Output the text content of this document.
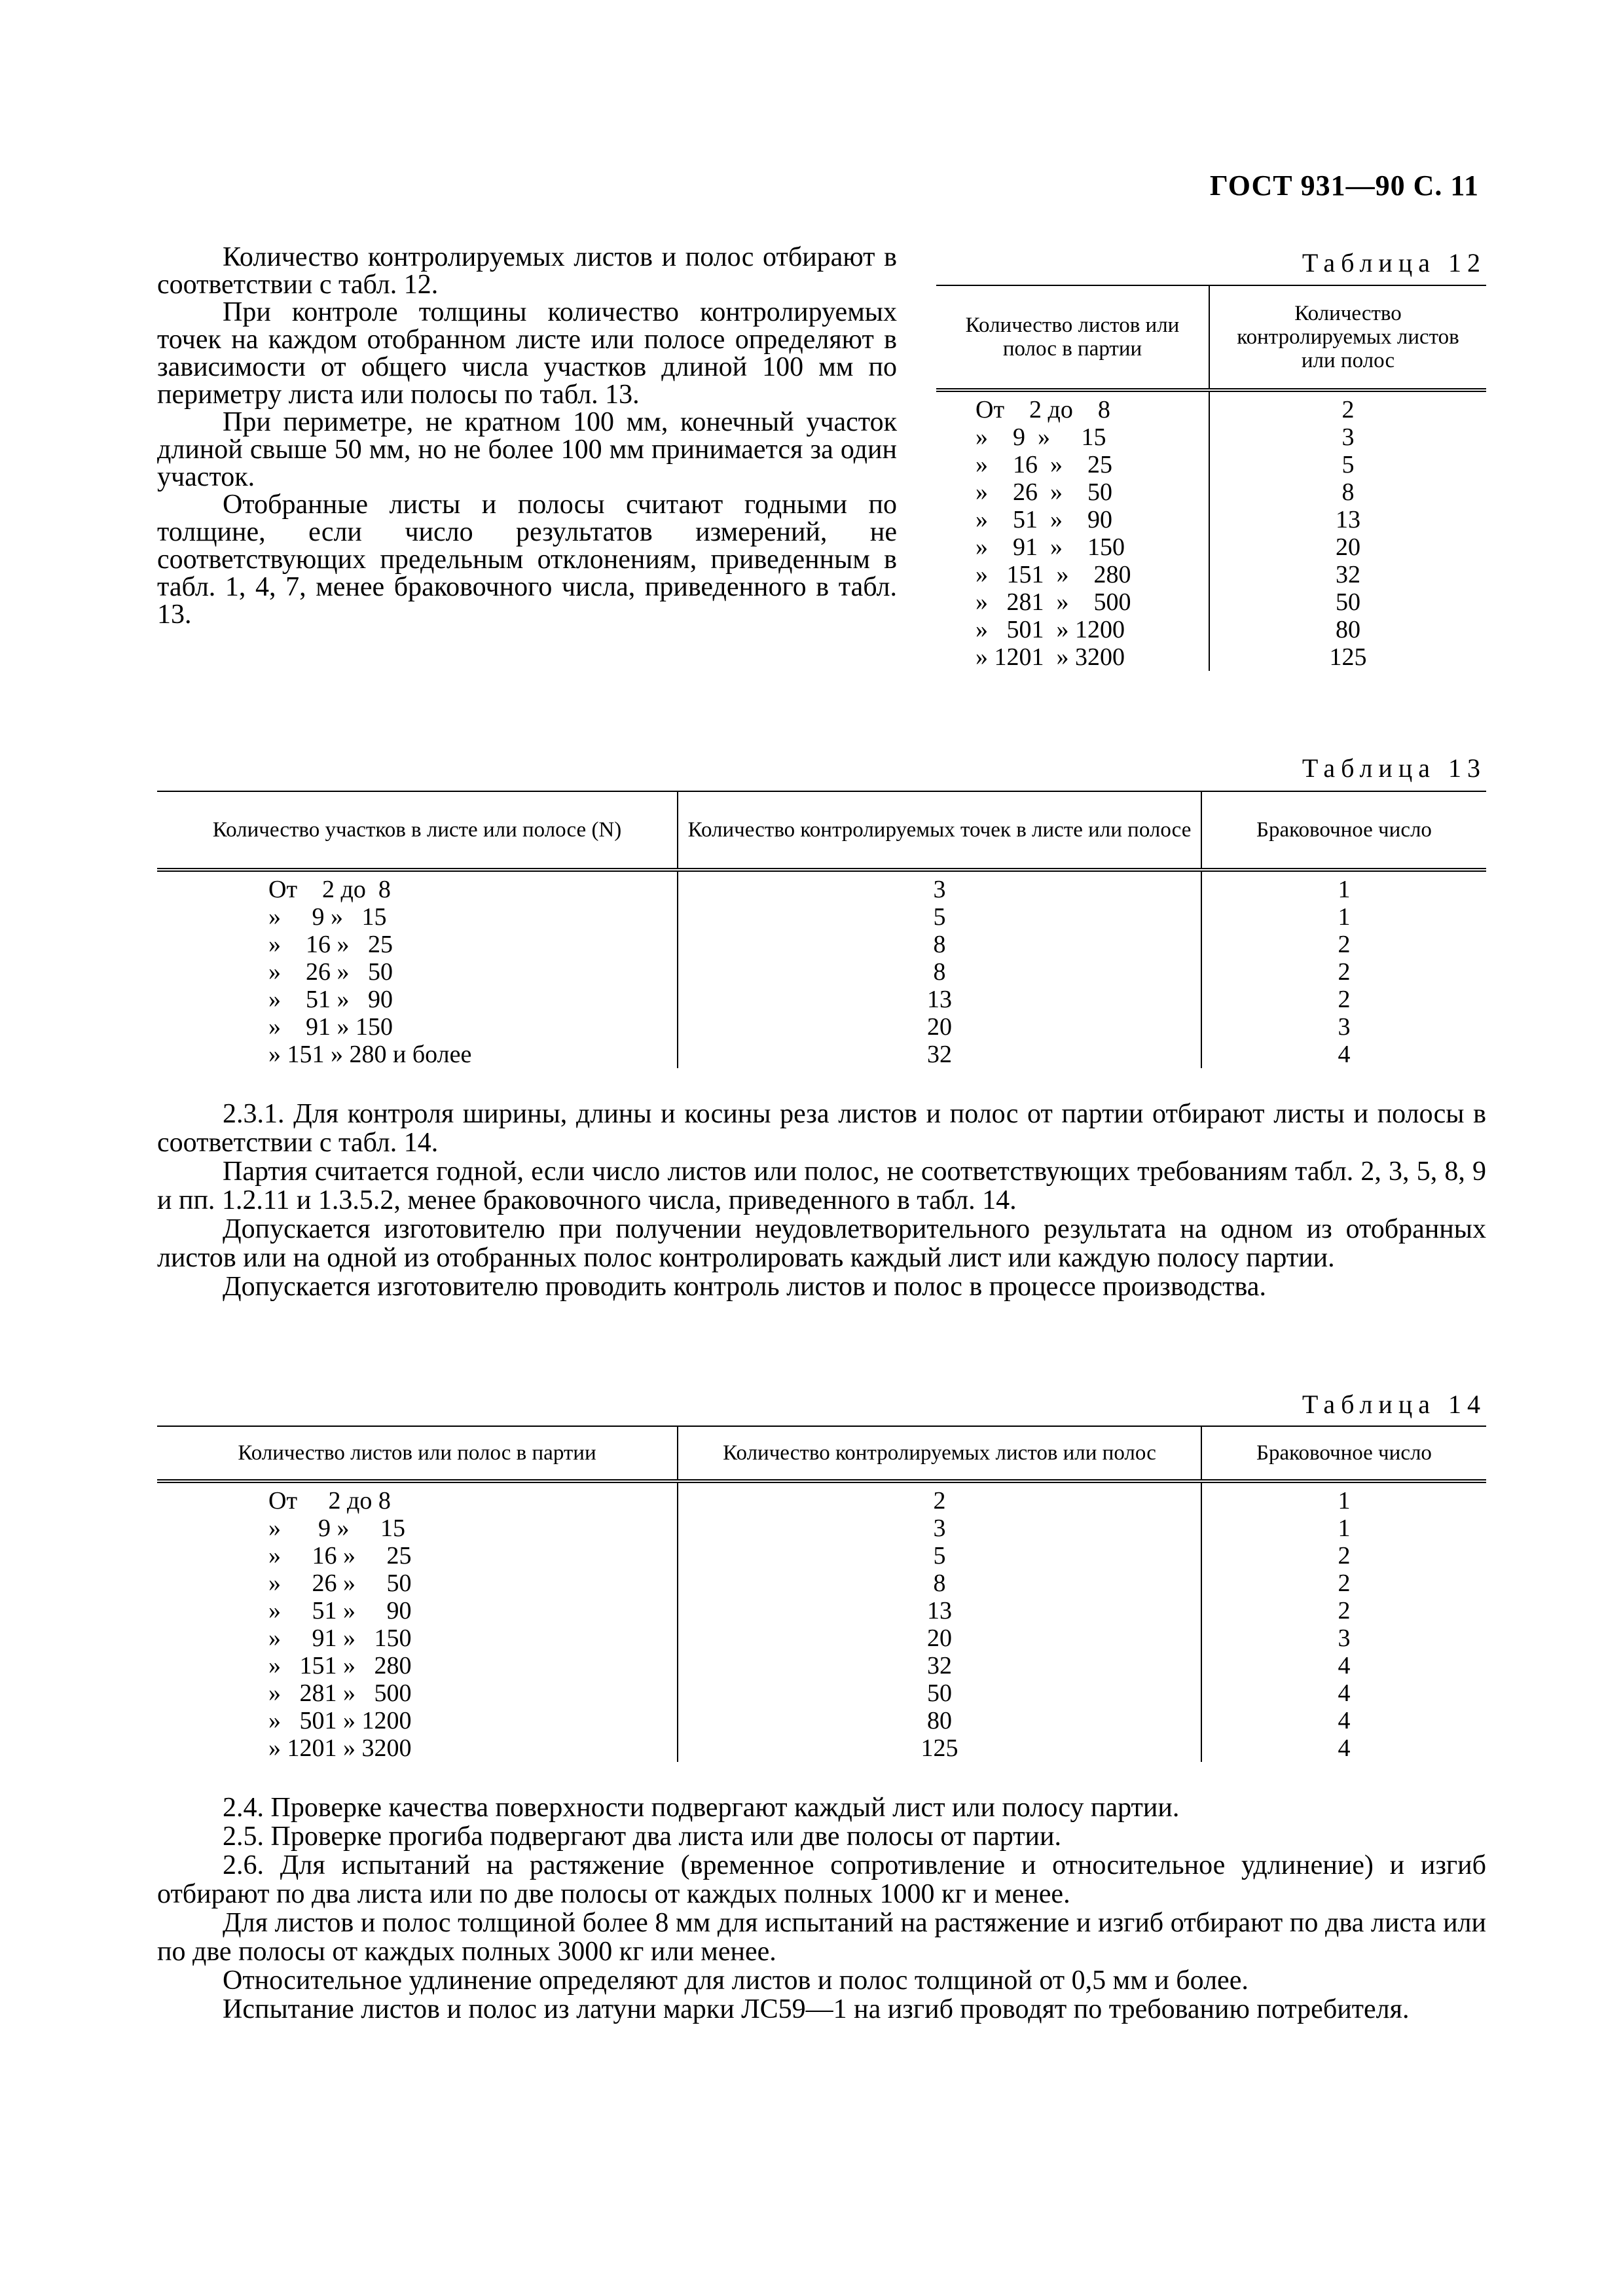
ГОСТ 931—90 С. 11

Количество контролируемых листов и полос отбирают в соответствии с табл. 12.

При контроле толщины количество контролируемых точек на каждом отобранном листе или полосе определяют в зависимости от общего числа участков длиной 100 мм по периметру листа или полосы по табл. 13.

При периметре, не кратном 100 мм, конечный участок длиной свыше 50 мм, но не более 100 мм принимается за один участок.

Отобранные листы и полосы считают годными по толщине, если число результатов измерений, не соответствующих предельным отклонениям, приведенным в табл. 1, 4, 7, менее браковочного числа, приведенного в табл. 13.

Таблица 12
Количество листов или полос в партии	Количество контролируемых листов или полос
От    2 до    8	2
»    9  »     15	3
»    16  »    25	5
»    26  »    50	8
»    51  »    90	13
»    91  »    150	20
»   151  »    280	32
»   281  »    500	50
»   501  » 1200	80
» 1201  » 3200	125
Таблица 13
Количество участков в листе или полосе (N)	Количество контролируемых точек в листе или полосе	Браковочное число
От    2 до  8	3	1
»     9 »   15	5	1
»    16 »   25	8	2
»    26 »   50	8	2
»    51 »   90	13	2
»    91 » 150	20	3
» 151 » 280 и более	32	4

2.3.1. Для контроля ширины, длины и косины реза листов и полос от партии отбирают листы и полосы в соответствии с табл. 14.

Партия считается годной, если число листов или полос, не соответствующих требованиям табл. 2, 3, 5, 8, 9 и пп. 1.2.11 и 1.3.5.2, менее браковочного числа, приведенного в табл. 14.

Допускается изготовителю при получении неудовлетворительного результата на одном из отобранных листов или на одной из отобранных полос контролировать каждый лист или каждую полосу партии.

Допускается изготовителю проводить контроль листов и полос в процессе производства.

Таблица 14
Количество листов или полос в партии	Количество контролируемых листов или полос	Браковочное число
От     2 до 8	2	1
»      9 »     15	3	1
»     16 »     25	5	2
»     26 »     50	8	2
»     51 »     90	13	2
»     91 »   150	20	3
»   151 »   280	32	4
»   281 »   500	50	4
»   501 » 1200	80	4
» 1201 » 3200	125	4

2.4. Проверке качества поверхности подвергают каждый лист или полосу партии.

2.5. Проверке прогиба подвергают два листа или две полосы от партии.

2.6. Для испытаний на растяжение (временное сопротивление и относительное удлинение) и изгиб отбирают по два листа или по две полосы от каждых полных 1000 кг и менее.

Для листов и полос толщиной более 8 мм для испытаний на растяжение и изгиб отбирают по два листа или по две полосы от каждых полных 3000 кг или менее.

Относительное удлинение определяют для листов и полос толщиной от 0,5 мм и более.

Испытание листов и полос из латуни марки ЛС59—1 на изгиб проводят по требованию потребителя.
